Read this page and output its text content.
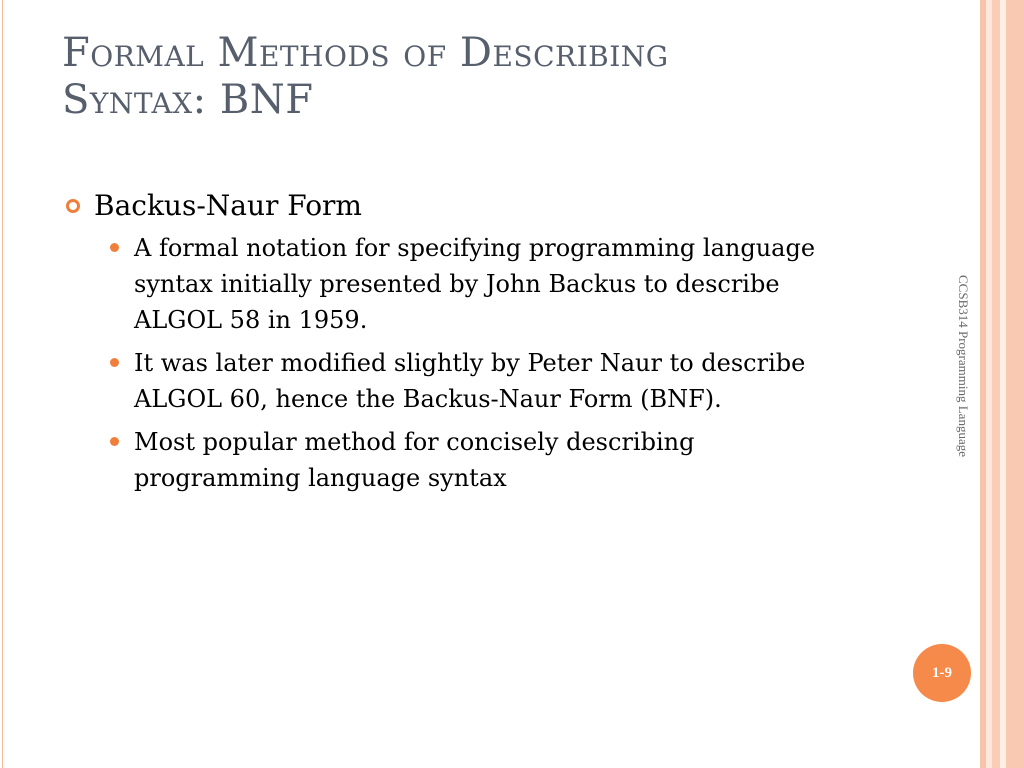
Formal Methods of Describing
Syntax: BNF
Backus-Naur Form
A formal notation for specifying programming language syntax initially presented by John Backus to describe ALGOL 58 in 1959.
It was later modified slightly by Peter Naur to describe ALGOL 60, hence the Backus-Naur Form (BNF).
Most popular method for concisely describing programming language syntax
CCSB314 Programming Language
1-9
